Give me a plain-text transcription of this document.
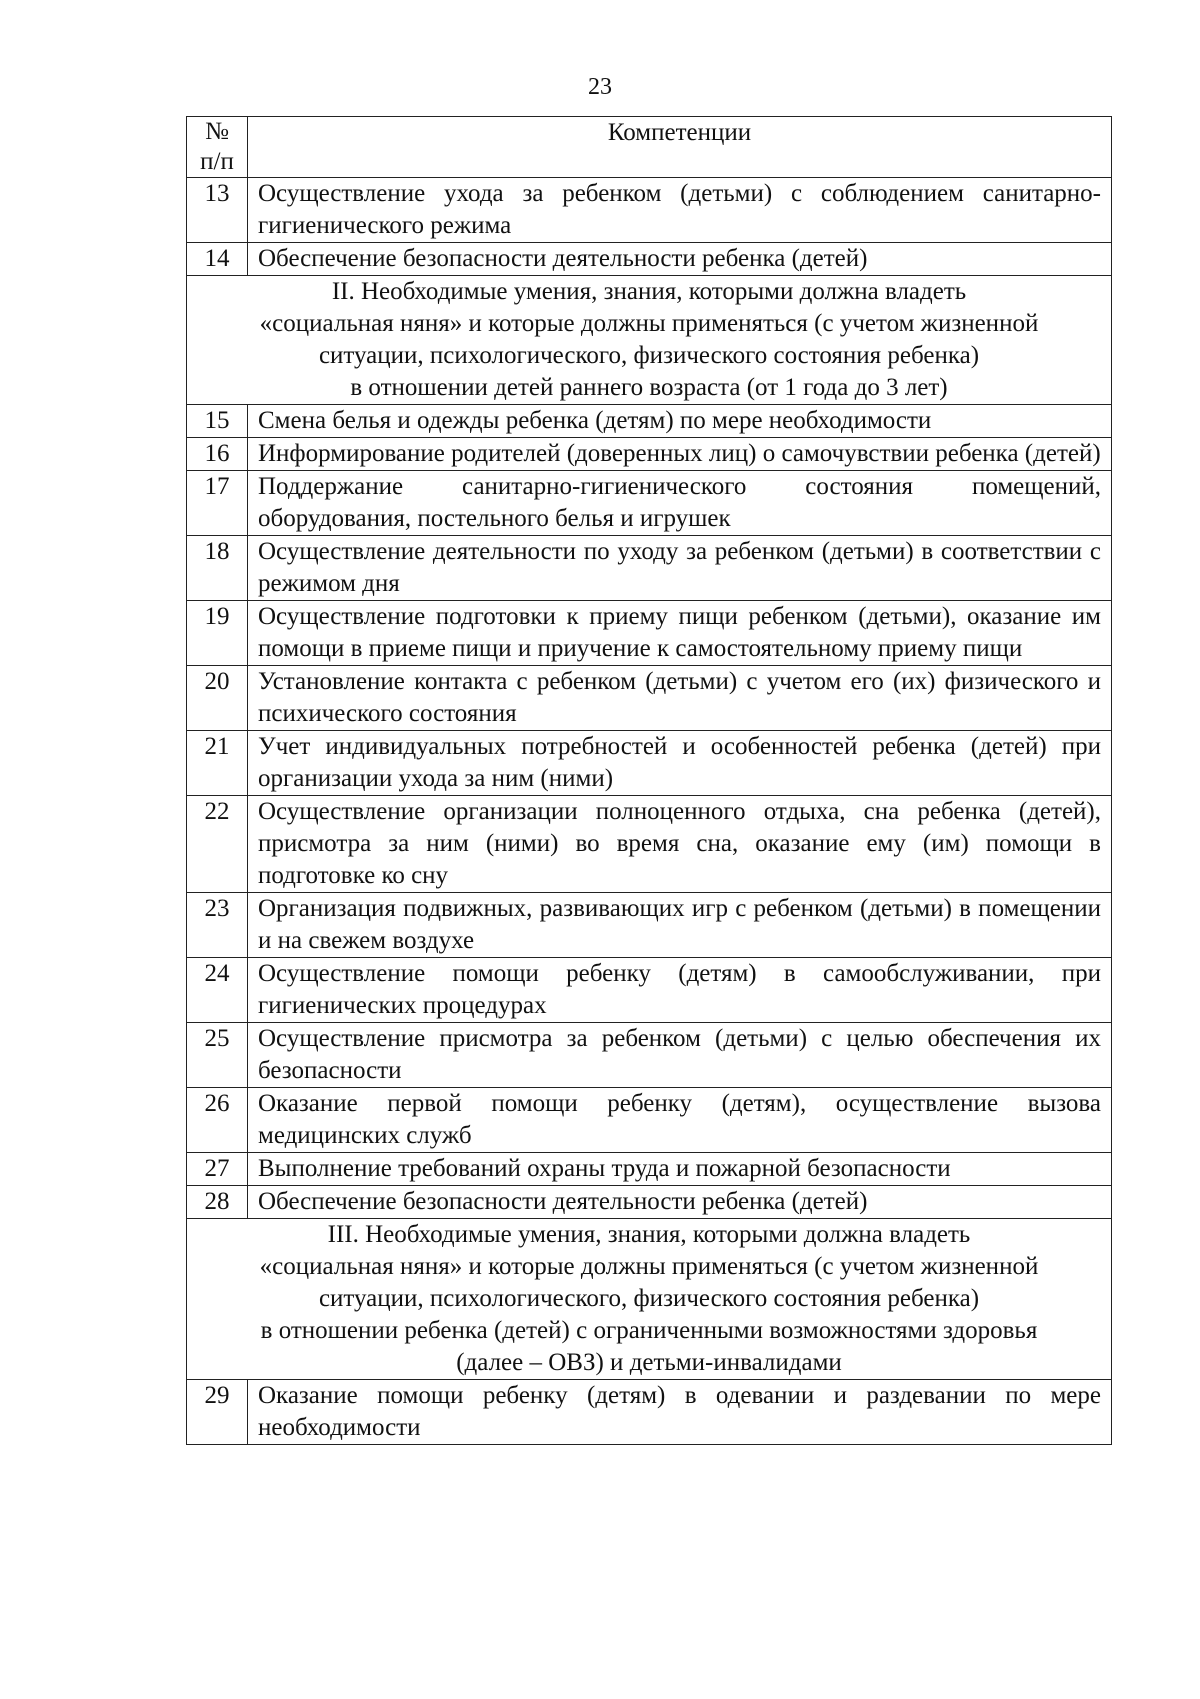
23
№
п/п	Компетенции
13	Осуществление ухода за ребенком (детьми) с соблюдением санитарно-гигиенического режима
14	Обеспечение безопасности деятельности ребенка (детей)

II. Необходимые умения, знания, которыми должна владеть
«социальная няня» и которые должны применяться (с учетом жизненной
ситуации, психологического, физического состояния ребенка)
в отношении детей раннего возраста (от 1 года до 3 лет)	

15	Смена белья и одежды ребенка (детям) по мере необходимости
16	Информирование родителей (доверенных лиц) о самочувствии ребенка (детей)
17	Поддержание санитарно-гигиенического состояния помещений, оборудования, постельного белья и игрушек
18	Осуществление деятельности по уходу за ребенком (детьми) в соответствии с режимом дня
19	Осуществление подготовки к приему пищи ребенком (детьми), оказание им помощи в приеме пищи и приучение к самостоятельному приему пищи
20	Установление контакта с ребенком (детьми) с учетом его (их) физического и психического состояния
21	Учет индивидуальных потребностей и особенностей ребенка (детей) при организации ухода за ним (ними)
22	Осуществление организации полноценного отдыха, сна ребенка (детей), присмотра за ним (ними) во время сна, оказание ему (им) помощи в подготовке ко сну
23	Организация подвижных, развивающих игр с ребенком (детьми) в помещении и на свежем воздухе
24	Осуществление помощи ребенку (детям) в самообслуживании, при гигиенических процедурах
25	Осуществление присмотра за ребенком (детьми) с целью обеспечения их безопасности
26	Оказание первой помощи ребенку (детям), осуществление вызова медицинских служб
27	Выполнение требований охраны труда и пожарной безопасности
28	Обеспечение безопасности деятельности ребенка (детей)

III. Необходимые умения, знания, которыми должна владеть
«социальная няня» и которые должны применяться (с учетом жизненной
ситуации, психологического, физического состояния ребенка)
в отношении ребенка (детей) с ограниченными возможностями здоровья
(далее – ОВЗ) и детьми-инвалидами	

29	Оказание помощи ребенку (детям) в одевании и раздевании по мере необходимости
